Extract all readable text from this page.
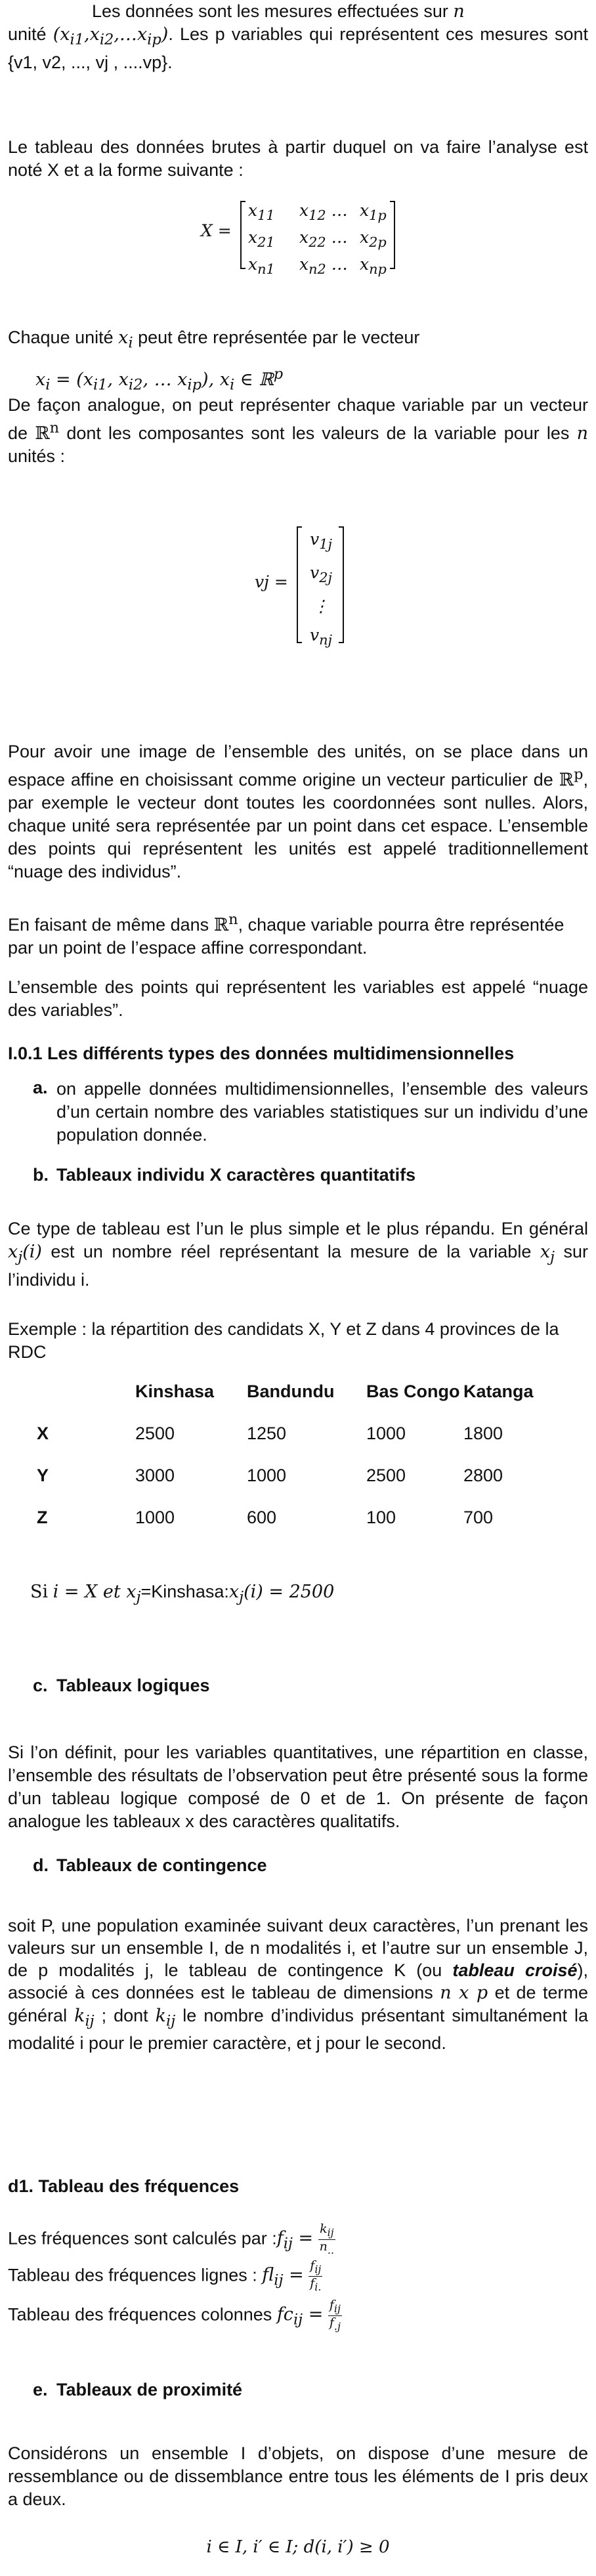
Les données sont les mesures effectuées sur n
unité $(x_{i1},x_{i2},\dots x_{ip})$. Les p variables qui représentent ces mesures sont {v1, v2, ..., vj , ....vp}.

Le tableau des données brutes à partir duquel on va faire l’analyse est noté X et a la forme suivante :

X =
$x_{11}$ $x_{12}$ … $x_{1p}$
$x_{21}$ $x_{22}$ … $x_{2p}$
$x_{n1}$ $x_{n2}$ … $x_{np}$

Chaque unité $x_i$ peut être représentée par le vecteur

$x_i = (x_{i1}$, $x_{i2}$, … $x_{ip}$), $x_i$ ∈ ℝ$^p$

De façon analogue, on peut représenter chaque variable par un vecteur de ℝ$^n$ dont les composantes sont les valeurs de la variable pour les n unités :

vj =
$v_{1j}$
$v_{2j}$
⋮
$v_{nj}$

Pour avoir une image de l’ensemble des unités, on se place dans un espace affine en choisissant comme origine un vecteur particulier de ℝ$^p$, par exemple le vecteur dont toutes les coordonnées sont nulles. Alors, chaque unité sera représentée par un point dans cet espace. L’ensemble des points qui représentent les unités est appelé traditionnellement “nuage des individus”.

En faisant de même dans ℝ$^n$, chaque variable pourra être représentée par un point de l’espace affine correspondant.

L’ensemble des points qui représentent les variables est appelé “nuage des variables”.

I.0.1 Les différents types des données multidimensionnelles

a. on appelle données multidimensionnelles, l’ensemble des valeurs d’un certain nombre des variables statistiques sur un individu d’une population donnée.

b. Tableaux individu X caractères quantitatifs

Ce type de tableau est l’un le plus simple et le plus répandu. En général $x_j(i)$ est un nombre réel représentant la mesure de la variable $x_j$ sur l’individu i.

Exemple : la répartition des candidats X, Y et Z dans 4 provinces de la RDC

	Kinshasa	Bandundu	Bas Congo	Katanga
X	2500	1250	1000	1800
Y	3000	1000	2500	2800
Z	1000	600	100	700

Si i = X et $x_j=Kinshasa:x_j(i) = 2500$

c. Tableaux logiques

Si l’on définit, pour les variables quantitatives, une répartition en classe, l’ensemble des résultats de l’observation peut être présenté sous la forme d’un tableau logique composé de 0 et de 1. On présente de façon analogue les tableaux x des caractères qualitatifs.

d. Tableaux de contingence

soit P, une population examinée suivant deux caractères, l’un prenant les valeurs sur un ensemble I, de n modalités i, et l’autre sur un ensemble J, de p modalités j, le tableau de contingence K (ou tableau croisé), associé à ces données est le tableau de dimensions n x p et de terme général $k_{ij}$ ; dont $k_{ij}$ le nombre d’individus présentant simultanément la modalité i pour le premier caractère, et j pour le second.

d1. Tableau des fréquences

Les fréquences sont calculés par $:f_{ij} = \frac{k_{ij}}{n_{..}}$

Tableau des fréquences lignes : $fl_{ij} = \frac{f_{ij}}{f_{i.}}$

Tableau des fréquences colonnes $fc_{ij} = \frac{f_{ij}}{f_{.j}}$

e. Tableaux de proximité

Considérons un ensemble I d’objets, on dispose d’une mesure de ressemblance ou de dissemblance entre tous les éléments de I pris deux a deux.

i ∈ I, i′ ∈ I; d(i, i′) ≥ 0
